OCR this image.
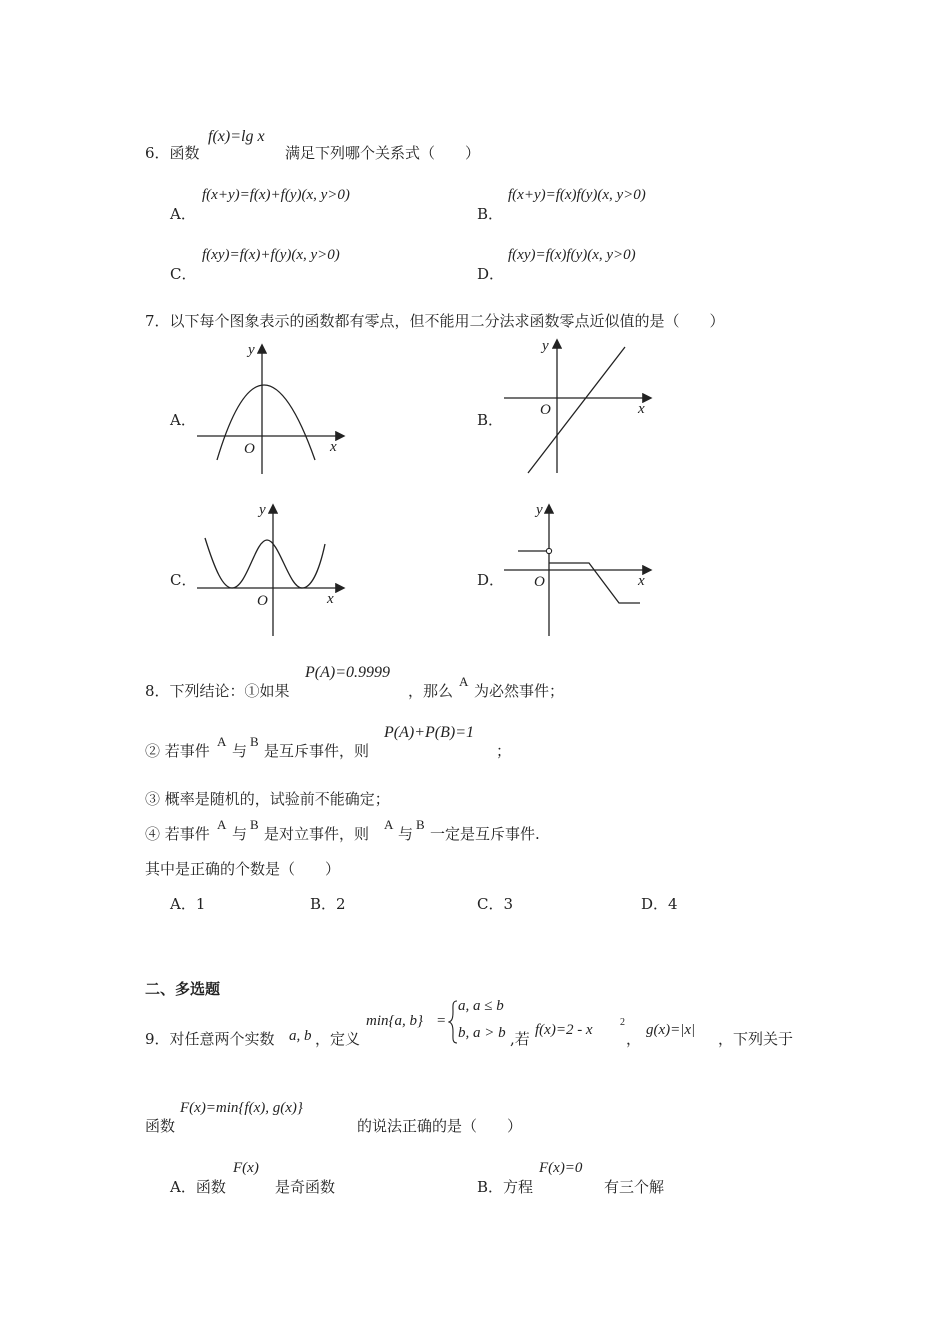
6．函数
f(x)=lg x
满足下列哪个关系式（　　）
A．
f(x+y)=f(x)+f(y)(x, y>0)
B．
f(x+y)=f(x)f(y)(x, y>0)
C．
f(xy)=f(x)+f(y)(x, y>0)
D．
f(xy)=f(x)f(y)(x, y>0)
7．以下每个图象表示的函数都有零点，但不能用二分法求函数零点近似值的是（　　）
A．	B．
C．	D．
y
x
O
y
x
O
y
x
O
y
x
O
8．下列结论：①如果
P(A)=0.9999
，那么
A
为必然事件；
② 若事件
A
与
B
是互斥事件，则
P(A)+P(B)=1
；
③ 概率是随机的，试验前不能确定；
④ 若事件
A
与
B
是对立事件，则
A
与
B
一定是互斥事件.
其中是正确的个数是（　　）
A．1	B．2	C．3	D．4
二、多选题
9．对任意两个实数 a, b ，定义
min{a, b} =
a, a ≤ b
b, a > b ,若 f(x)=2 - x	2
， g(x)=|x| ，下列关于
函数
F(x)=min{f(x), g(x)}
的说法正确的是（　　）
A．函数
F(x)
是奇函数	B．方程
F(x)=0
有三个解
